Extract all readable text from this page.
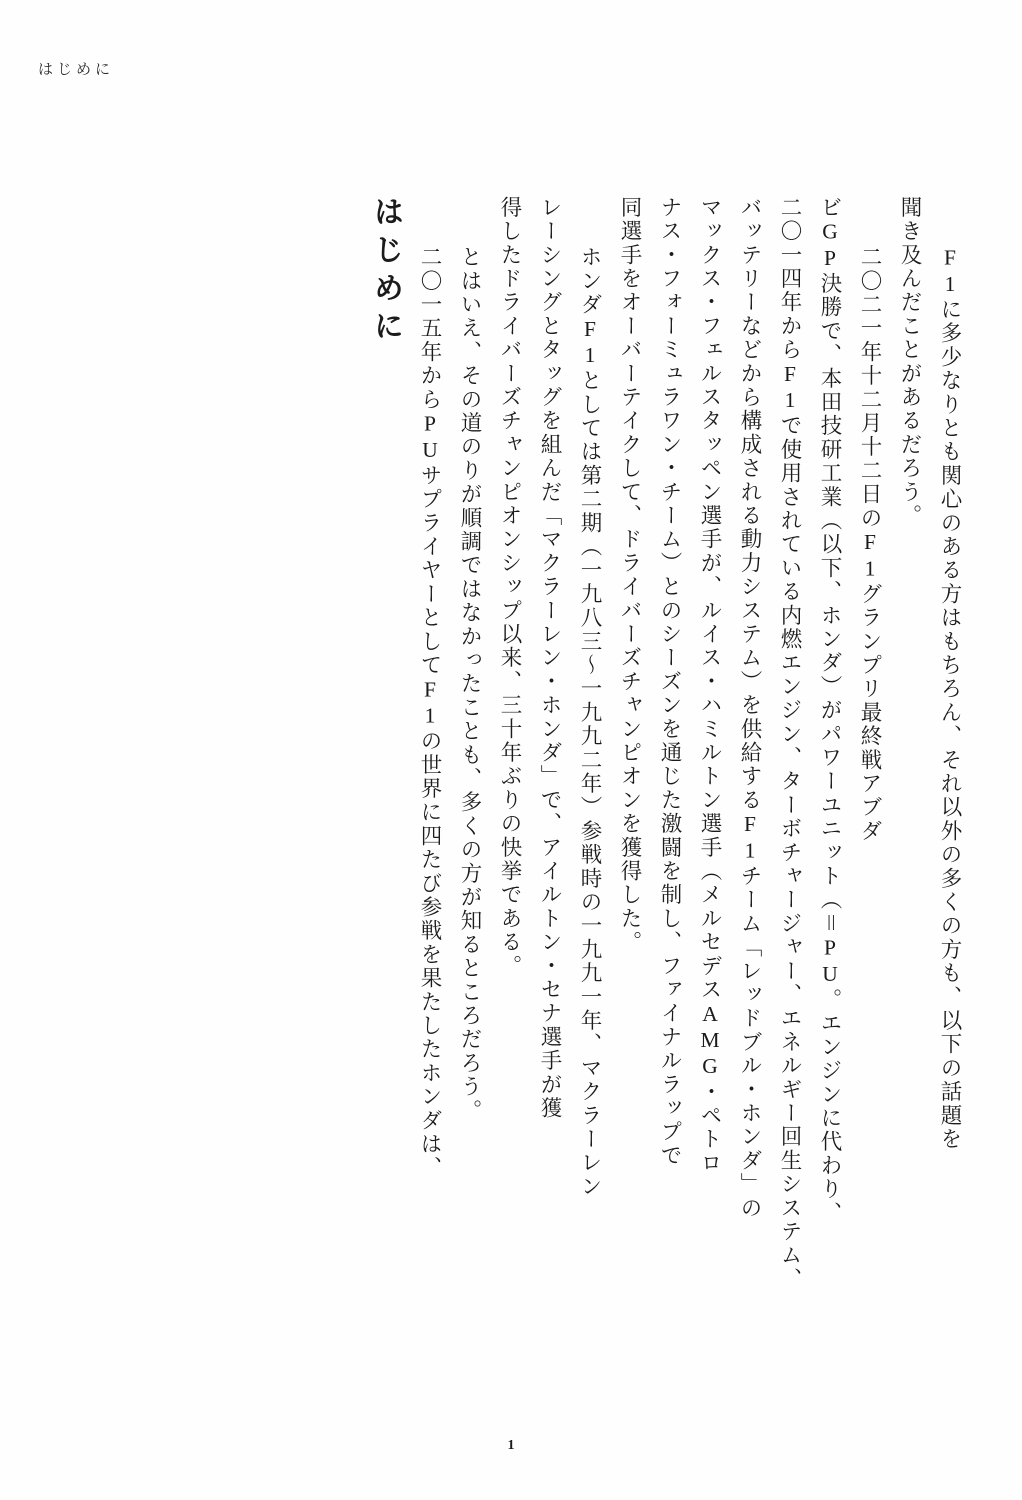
はじめに
はじめに	　F1に多少なりとも関心のある方はもちろん、それ以外の多くの方も、以下の話題を
聞き及んだことがあるだろう。
　二〇二一年十二月十二日のF1グランプリ最終戦アブダ
ビGP決勝で、本田技研工業（以下、ホンダ）がパワーユニット（＝PU。エンジンに代わり、
二〇一四年からF1で使用されている内燃エンジン、ターボチャージャー、エネルギー回生システム、
バッテリーなどから構成される動力システム）を供給するF1チーム「レッドブル・ホンダ」の
マックス・フェルスタッペン選手が、ルイス・ハミルトン選手（メルセデスAMG・ペトロ
ナス・フォーミュラワン・チーム）とのシーズンを通じた激闘を制し、ファイナルラップで
同選手をオーバーテイクして、ドライバーズチャンピオンを獲得した。
　ホンダF1としては第二期（一九八三～一九九二年）参戦時の一九九一年、マクラーレン
レーシングとタッグを組んだ「マクラーレン・ホンダ」で、アイルトン・セナ選手が獲
得したドライバーズチャンピオンシップ以来、三十年ぶりの快挙である。
　とはいえ、その道のりが順調ではなかったことも、多くの方が知るところだろう。
　二〇一五年からPUサプライヤーとしてF1の世界に四たび参戦を果たしたホンダは、
1
